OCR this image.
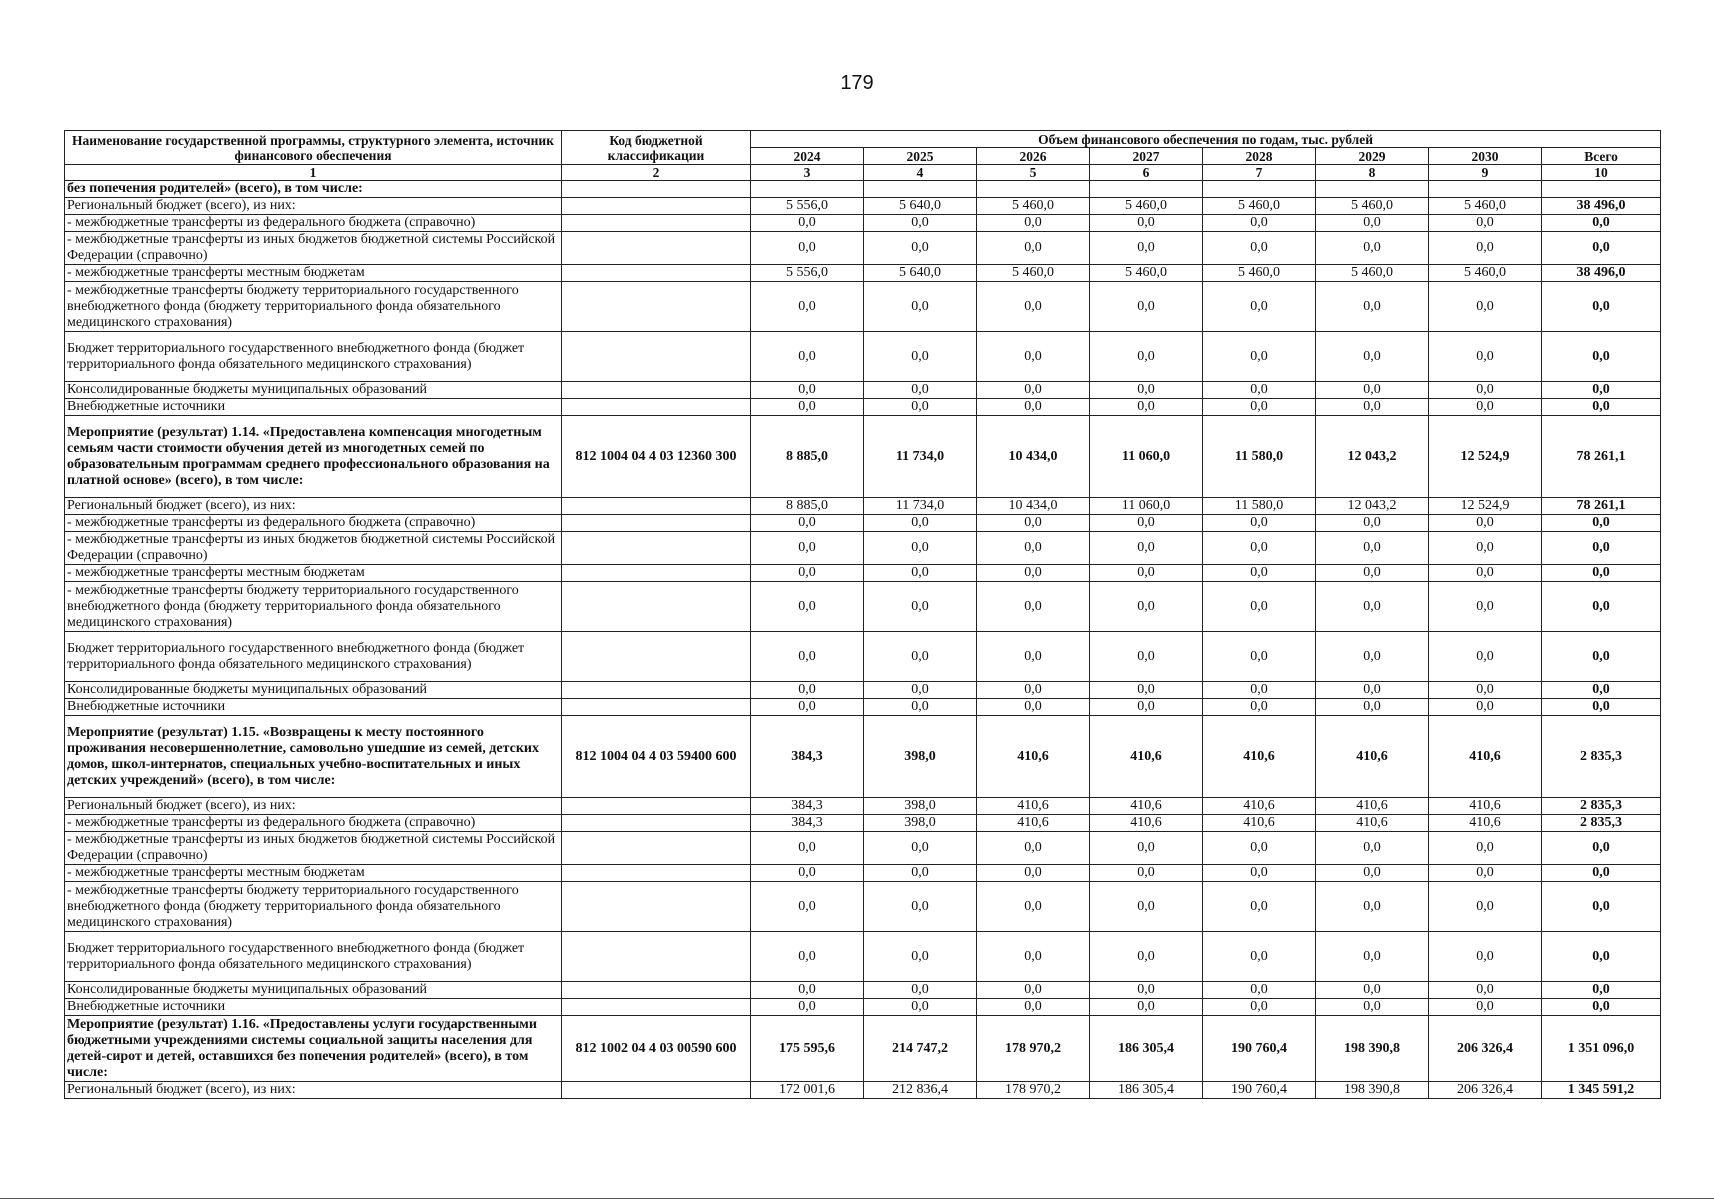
179
Наименование государственной программы, структурного элемента, источник финансового обеспечения	Код бюджетной классификации	Объем финансового обеспечения по годам, тыс. рублей							
		2024	2025	2026	2027	2028	2029	2030	Всего
1	2	3	4	5	6	7	8	9	10
без попечения родителей» (всего), в том числе:									
Региональный бюджет (всего), из них:		5 556,0	5 640,0	5 460,0	5 460,0	5 460,0	5 460,0	5 460,0	38 496,0
- межбюджетные трансферты из федерального бюджета (справочно)		0,0	0,0	0,0	0,0	0,0	0,0	0,0	0,0
- межбюджетные трансферты из иных бюджетов бюджетной системы Российской Федерации (справочно)		0,0	0,0	0,0	0,0	0,0	0,0	0,0	0,0
- межбюджетные трансферты местным бюджетам		5 556,0	5 640,0	5 460,0	5 460,0	5 460,0	5 460,0	5 460,0	38 496,0
- межбюджетные трансферты бюджету территориального государственного внебюджетного фонда (бюджету территориального фонда обязательного медицинского страхования)		0,0	0,0	0,0	0,0	0,0	0,0	0,0	0,0
Бюджет территориального государственного внебюджетного фонда (бюджет территориального фонда обязательного медицинского страхования)		0,0	0,0	0,0	0,0	0,0	0,0	0,0	0,0
Консолидированные бюджеты муниципальных образований		0,0	0,0	0,0	0,0	0,0	0,0	0,0	0,0
Внебюджетные источники		0,0	0,0	0,0	0,0	0,0	0,0	0,0	0,0
Мероприятие (результат) 1.14. «Предоставлена компенсация многодетным семьям части стоимости обучения детей из многодетных семей по образовательным программам среднего профессионального образования на платной основе» (всего), в том числе:	812 1004 04 4 03 12360 300	8 885,0	11 734,0	10 434,0	11 060,0	11 580,0	12 043,2	12 524,9	78 261,1
Региональный бюджет (всего), из них:		8 885,0	11 734,0	10 434,0	11 060,0	11 580,0	12 043,2	12 524,9	78 261,1
- межбюджетные трансферты из федерального бюджета (справочно)		0,0	0,0	0,0	0,0	0,0	0,0	0,0	0,0
- межбюджетные трансферты из иных бюджетов бюджетной системы Российской Федерации (справочно)		0,0	0,0	0,0	0,0	0,0	0,0	0,0	0,0
- межбюджетные трансферты местным бюджетам		0,0	0,0	0,0	0,0	0,0	0,0	0,0	0,0
- межбюджетные трансферты бюджету территориального государственного внебюджетного фонда (бюджету территориального фонда обязательного медицинского страхования)		0,0	0,0	0,0	0,0	0,0	0,0	0,0	0,0
Бюджет территориального государственного внебюджетного фонда (бюджет территориального фонда обязательного медицинского страхования)		0,0	0,0	0,0	0,0	0,0	0,0	0,0	0,0
Консолидированные бюджеты муниципальных образований		0,0	0,0	0,0	0,0	0,0	0,0	0,0	0,0
Внебюджетные источники		0,0	0,0	0,0	0,0	0,0	0,0	0,0	0,0
Мероприятие (результат) 1.15. «Возвращены к месту постоянного проживания несовершеннолетние, самовольно ушедшие из семей, детских домов, школ-интернатов, специальных учебно-воспитательных и иных детских учреждений» (всего), в том числе:	812 1004 04 4 03 59400 600	384,3	398,0	410,6	410,6	410,6	410,6	410,6	2 835,3
Региональный бюджет (всего), из них:		384,3	398,0	410,6	410,6	410,6	410,6	410,6	2 835,3
- межбюджетные трансферты из федерального бюджета (справочно)		384,3	398,0	410,6	410,6	410,6	410,6	410,6	2 835,3
- межбюджетные трансферты из иных бюджетов бюджетной системы Российской Федерации (справочно)		0,0	0,0	0,0	0,0	0,0	0,0	0,0	0,0
- межбюджетные трансферты местным бюджетам		0,0	0,0	0,0	0,0	0,0	0,0	0,0	0,0
- межбюджетные трансферты бюджету территориального государственного внебюджетного фонда (бюджету территориального фонда обязательного медицинского страхования)		0,0	0,0	0,0	0,0	0,0	0,0	0,0	0,0
Бюджет территориального государственного внебюджетного фонда (бюджет территориального фонда обязательного медицинского страхования)		0,0	0,0	0,0	0,0	0,0	0,0	0,0	0,0
Консолидированные бюджеты муниципальных образований		0,0	0,0	0,0	0,0	0,0	0,0	0,0	0,0
Внебюджетные источники		0,0	0,0	0,0	0,0	0,0	0,0	0,0	0,0
Мероприятие (результат) 1.16. «Предоставлены услуги государственными бюджетными учреждениями системы социальной защиты населения для детей-сирот и детей, оставшихся без попечения родителей» (всего), в том числе:	812 1002 04 4 03 00590 600	175 595,6	214 747,2	178 970,2	186 305,4	190 760,4	198 390,8	206 326,4	1 351 096,0
Региональный бюджет (всего), из них:		172 001,6	212 836,4	178 970,2	186 305,4	190 760,4	198 390,8	206 326,4	1 345 591,2
